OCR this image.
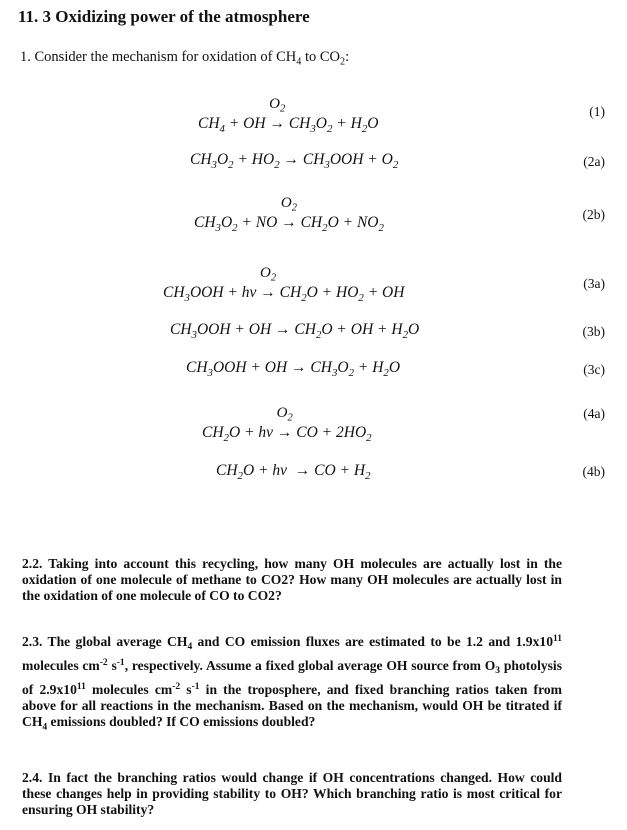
11. 3 Oxidizing power of the atmosphere
1. Consider the mechanism for oxidation of $CH_4$ to $CO_2$:
$CH_4$ + OH →
$O_2$
$CH_3O_2 + H_2O$
(1)
$CH_3O_2 + HO_2 \to CH_3OOH + O_2$	(2a)
$CH_3O_2$ + NO →
$O_2$
$CH_2O + NO_2$
(2b)
$CH_3OOH$ + hv →
$O_2$
$CH_2O + HO_2$ + OH
(3a)
$CH_3OOH$ + OH → $CH_2O$ + OH + $H_2O$	(3b)
$CH_3OOH$ + OH → $CH_3O_2 + H_2O$	(3c)
$CH_2O$ + hv →
$O_2$
CO + $2HO_2$
(4a)
$CH_2O$ + hv  → CO + $H_2$	(4b)
2.2. Taking into account this recycling, how many OH molecules are actually lost in the oxidation of one molecule of methane to CO2? How many OH molecules are actually lost in the oxidation of one molecule of CO to CO2?
2.3. The global average $CH_4$ and CO emission fluxes are estimated to be 1.2 and $1.9x10^{11}$ molecules $cm^{-2}$ $s^{-1}$, respectively. Assume a fixed global average OH source from $O_3$ photolysis of $2.9x10^{11}$ molecules $cm^{-2}$ $s^{-1}$ in the troposphere, and fixed branching ratios taken from above for all reactions in the mechanism. Based on the mechanism, would OH be titrated if $CH_4$ emissions doubled? If CO emissions doubled?
2.4. In fact the branching ratios would change if OH concentrations changed. How could these changes help in providing stability to OH? Which branching ratio is most critical for ensuring OH stability?
